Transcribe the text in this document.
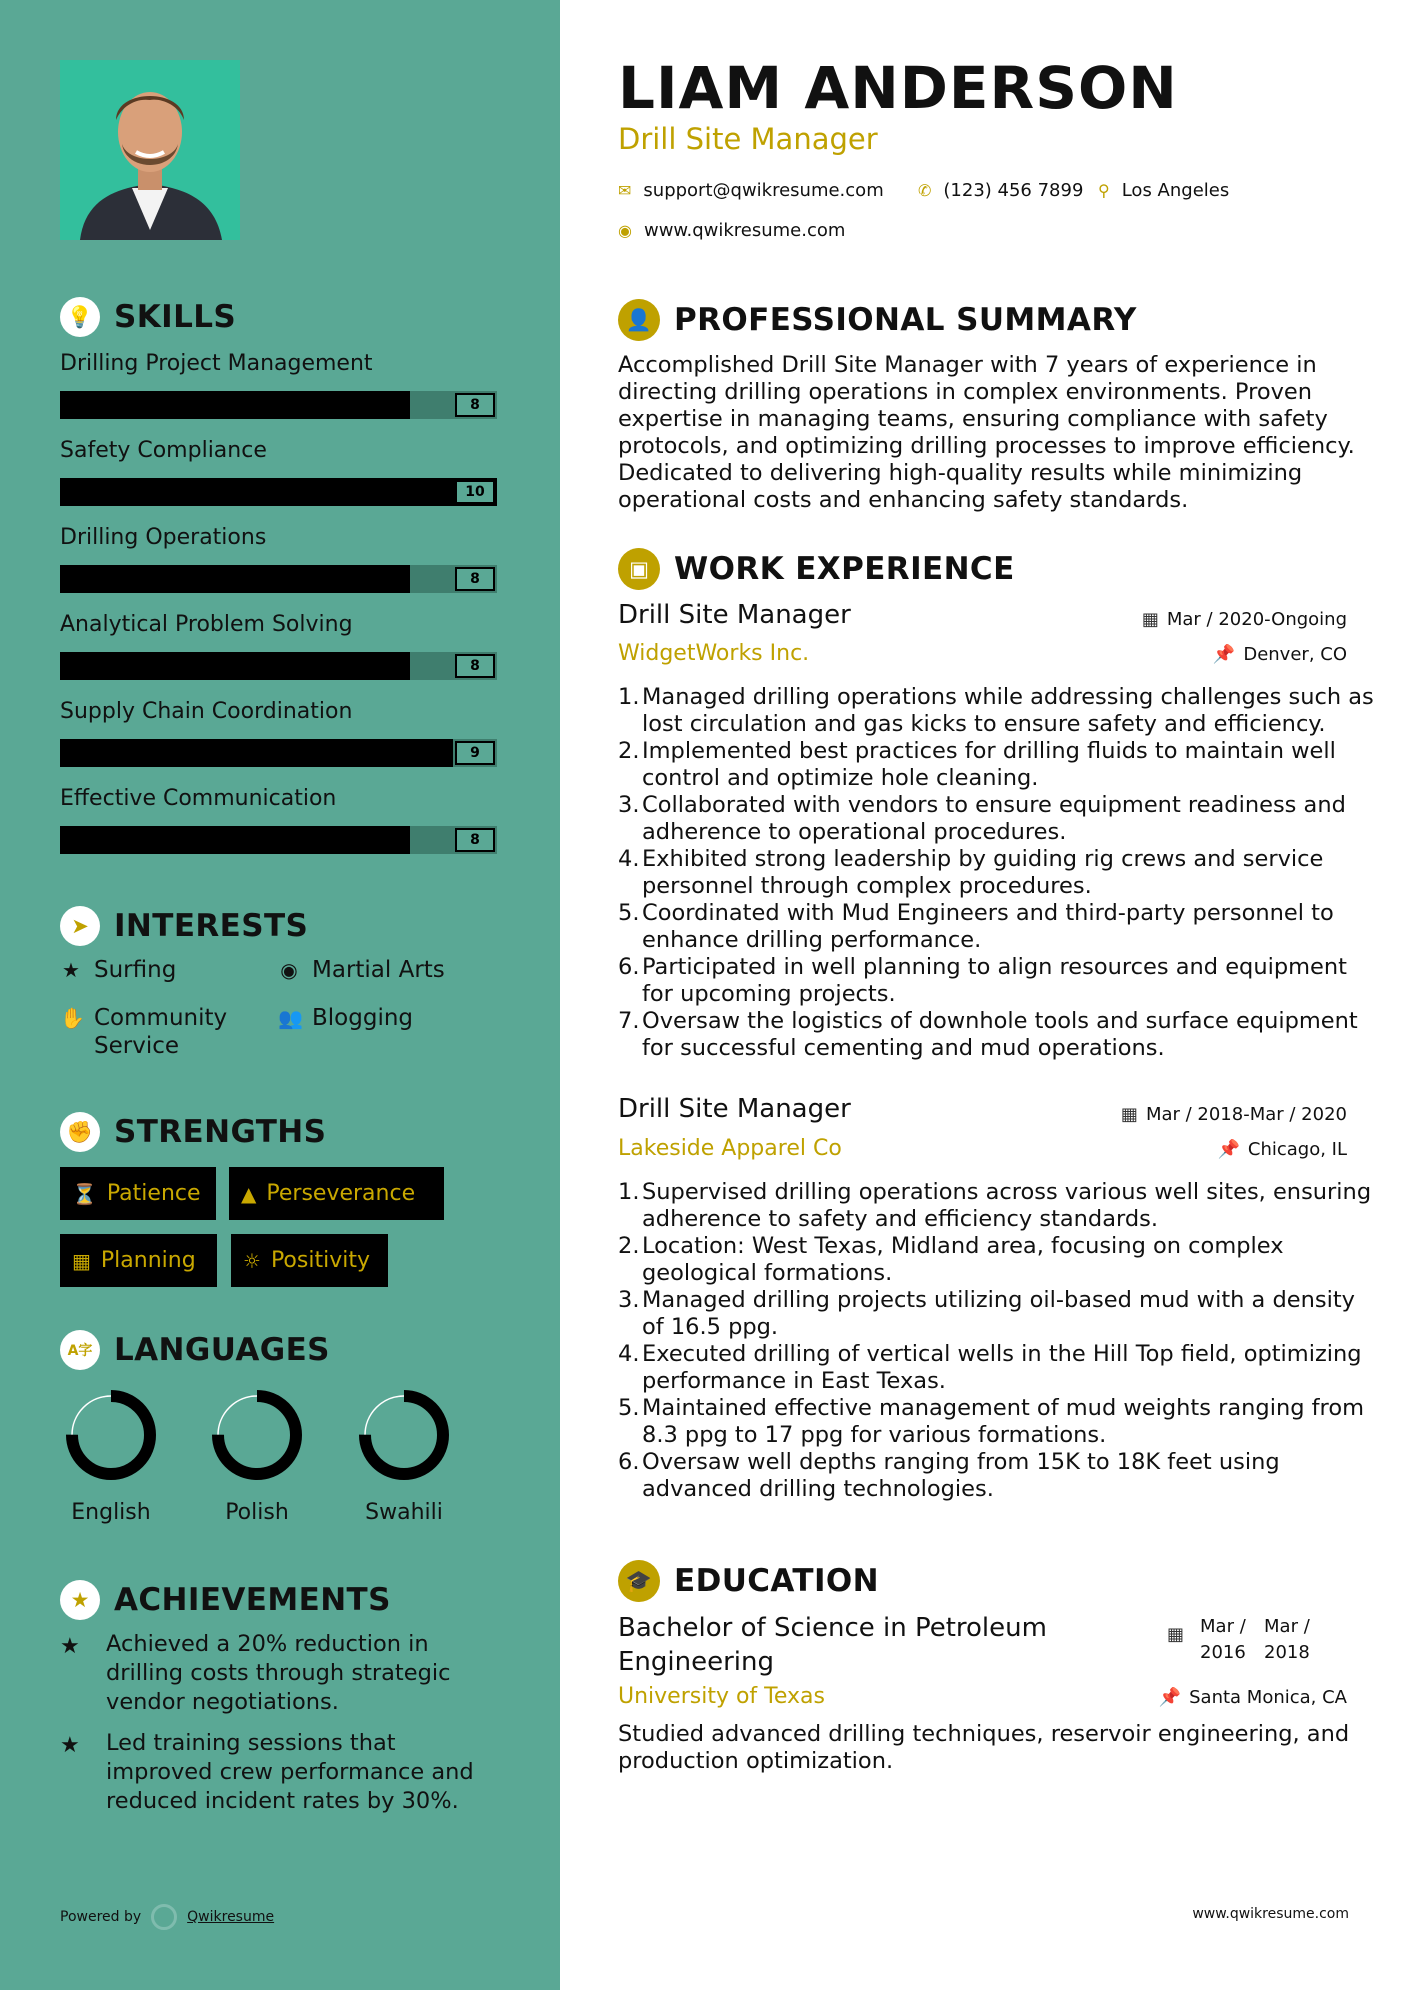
💡 SKILLS
Drilling Project Management
8
Safety Compliance
10
Drilling Operations
8
Analytical Problem Solving
8
Supply Chain Coordination
9
Effective Communication
8
➤ INTERESTS
★ Surfing	◉ Martial Arts
✋ Community Service
👥 Blogging
✊ STRENGTHS
⏳ Patience ▲ Perseverance
▦ Planning ☼ Positivity
A字 LANGUAGES
English	Polish	Swahili
★ ACHIEVEMENTS
★	Achieved a 20% reduction in drilling costs through strategic vendor negotiations.
★	Led training sessions that improved crew performance and reduced incident rates by 30%.
Powered by	Qwikresume
LIAM ANDERSON
Drill Site Manager
✉ support@qwikresume.com ✆ (123) 456 7899 ⚲ Los Angeles
◉ www.qwikresume.com
👤 PROFESSIONAL SUMMARY
Accomplished Drill Site Manager with 7 years of experience in directing drilling operations in complex environments. Proven expertise in managing teams, ensuring compliance with safety protocols, and optimizing drilling processes to improve efficiency. Dedicated to delivering high-quality results while minimizing operational costs and enhancing safety standards.
▣ WORK EXPERIENCE
Drill Site Manager	▦ Mar / 2020-Ongoing
WidgetWorks Inc.	📌 Denver, CO
1. Managed drilling operations while addressing challenges such as lost circulation and gas kicks to ensure safety and efficiency.
2. Implemented best practices for drilling fluids to maintain well control and optimize hole cleaning.
3. Collaborated with vendors to ensure equipment readiness and adherence to operational procedures.
4. Exhibited strong leadership by guiding rig crews and service personnel through complex procedures.
5. Coordinated with Mud Engineers and third-party personnel to enhance drilling performance.
6. Participated in well planning to align resources and equipment for upcoming projects.
7. Oversaw the logistics of downhole tools and surface equipment for successful cementing and mud operations.
Drill Site Manager	▦ Mar / 2018-Mar / 2020
Lakeside Apparel Co	📌 Chicago, IL
1. Supervised drilling operations across various well sites, ensuring adherence to safety and efficiency standards.
2. Location: West Texas, Midland area, focusing on complex geological formations.
3. Managed drilling projects utilizing oil-based mud with a density of 16.5 ppg.
4. Executed drilling of vertical wells in the Hill Top field, optimizing performance in East Texas.
5. Maintained effective management of mud weights ranging from 8.3 ppg to 17 ppg for various formations.
6. Oversaw well depths ranging from 15K to 18K feet using advanced drilling technologies.
🎓 EDUCATION
Bachelor of Science in Petroleum Engineering
▦ Mar / 2016
Mar / 2018
University of Texas	📌 Santa Monica, CA
Studied advanced drilling techniques, reservoir engineering, and production optimization.
www.qwikresume.com
